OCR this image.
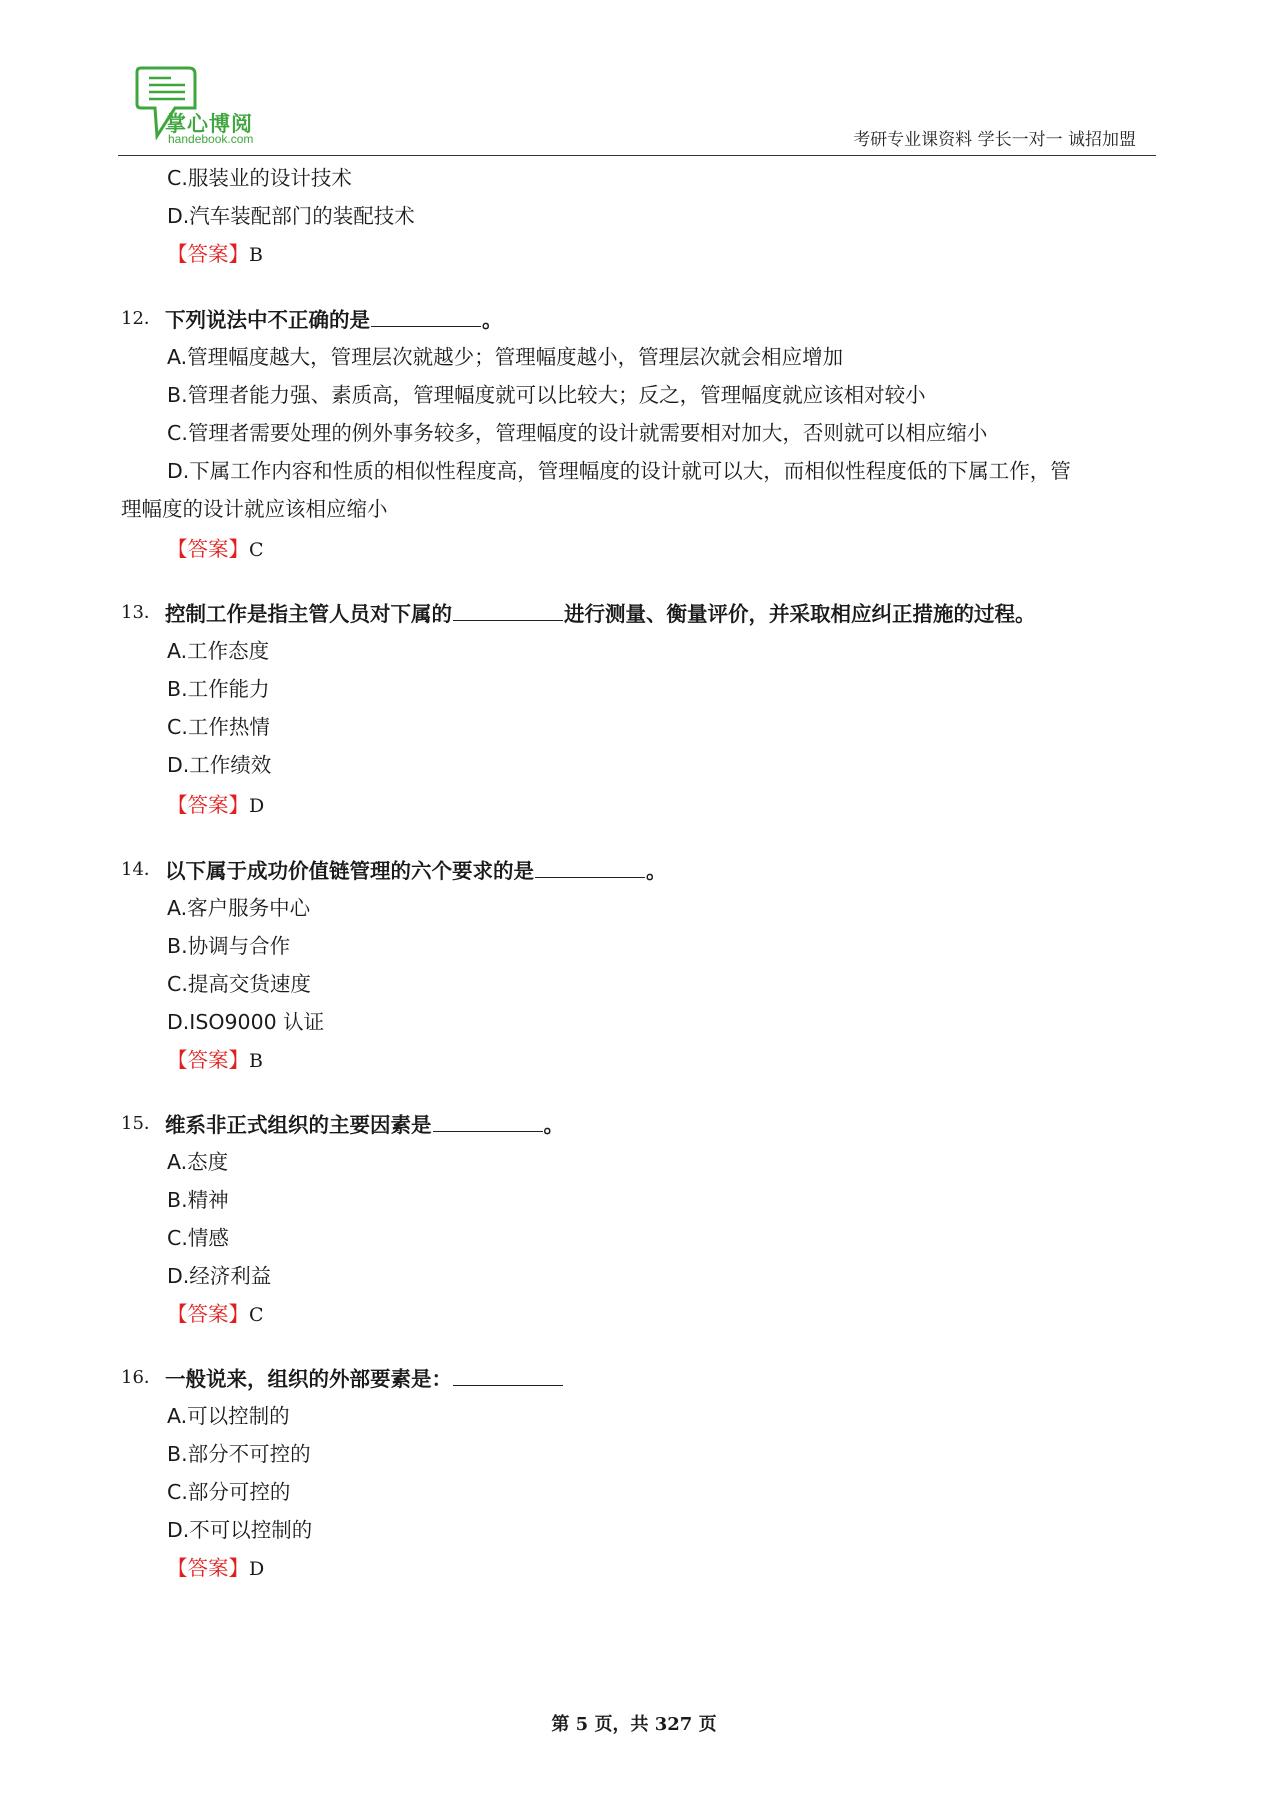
掌心博阅
handebook.com	考研专业课资料 学长一对一 诚招加盟
C.服装业的设计技术
D.汽车装配部门的装配技术
【答案】B
12． 下列说法中不正确的是	。
A.管理幅度越大，管理层次就越少；管理幅度越小，管理层次就会相应增加
B.管理者能力强、素质高，管理幅度就可以比较大；反之，管理幅度就应该相对较小
C.管理者需要处理的例外事务较多，管理幅度的设计就需要相对加大，否则就可以相应缩小
D.下属工作内容和性质的相似性程度高，管理幅度的设计就可以大，而相似性程度低的下属工作，管
理幅度的设计就应该相应缩小
【答案】C
13． 控制工作是指主管人员对下属的	进行测量、衡量评价，并采取相应纠正措施的过程。
A.工作态度
B.工作能力
C.工作热情
D.工作绩效
【答案】D
14． 以下属于成功价值链管理的六个要求的是	。
A.客户服务中心
B.协调与合作
C.提高交货速度
D.ISO9000 认证
【答案】B
15． 维系非正式组织的主要因素是	。
A.态度
B.精神
C.情感
D.经济利益
【答案】C
16． 一般说来，组织的外部要素是：
A.可以控制的
B.部分不可控的
C.部分可控的
D.不可以控制的
【答案】D
第 5 页，共 327 页
